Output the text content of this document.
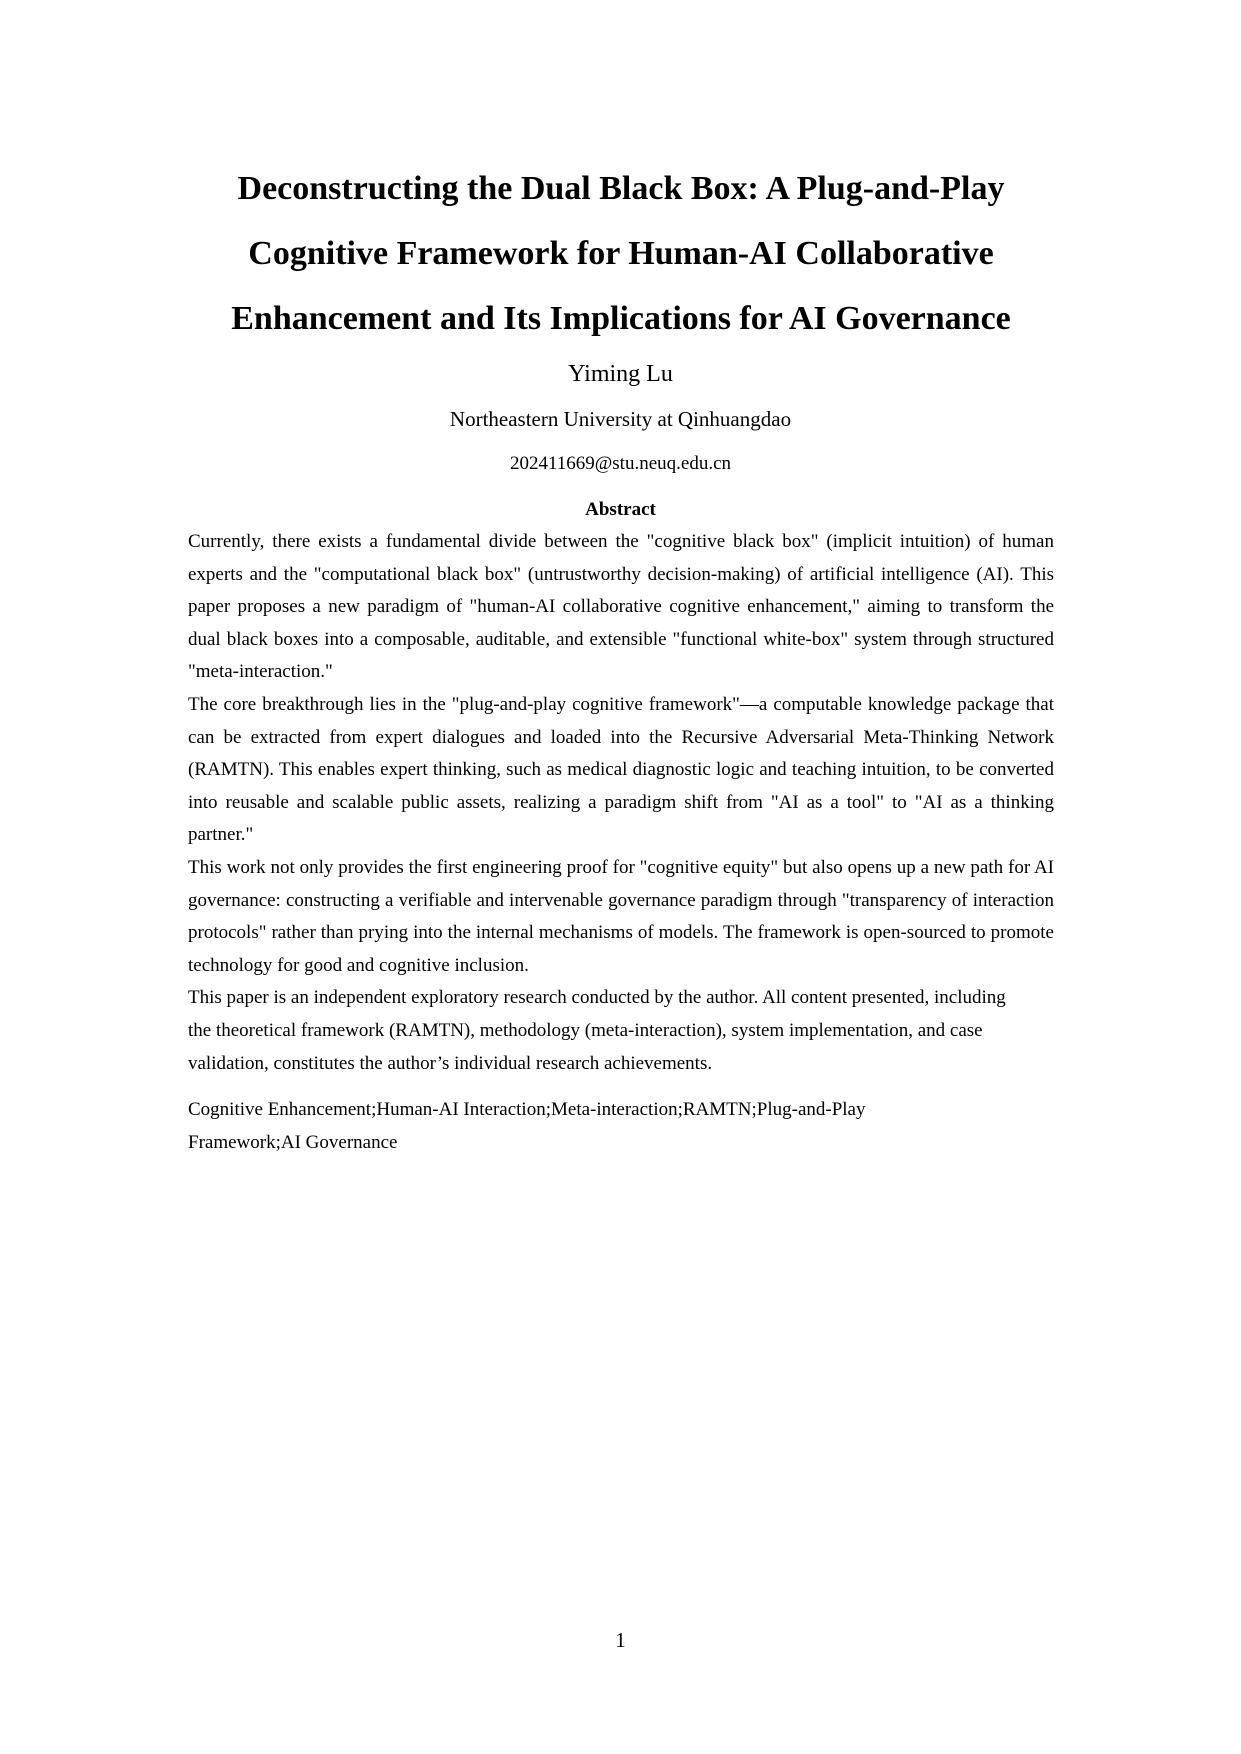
Deconstructing the Dual Black Box: A Plug-and-Play
Cognitive Framework for Human-AI Collaborative
Enhancement and Its Implications for AI Governance
Yiming Lu
Northeastern University at Qinhuangdao
202411669@stu.neuq.edu.cn
Abstract

Currently, there exists a fundamental divide between the "cognitive black box" (implicit intuition) of human experts and the "computational black box" (untrustworthy decision-making) of artificial intelligence (AI). This paper proposes a new paradigm of "human-AI collaborative cognitive enhancement," aiming to transform the dual black boxes into a composable, auditable, and extensible "functional white-box" system through structured "meta-interaction."

The core breakthrough lies in the "plug-and-play cognitive framework"—a computable knowledge package that can be extracted from expert dialogues and loaded into the Recursive Adversarial Meta-Thinking Network (RAMTN). This enables expert thinking, such as medical diagnostic logic and teaching intuition, to be converted into reusable and scalable public assets, realizing a paradigm shift from "AI as a tool" to "AI as a thinking partner."

This work not only provides the first engineering proof for "cognitive equity" but also opens up a new path for AI governance: constructing a verifiable and intervenable governance paradigm through "transparency of interaction protocols" rather than prying into the internal mechanisms of models. The framework is open-sourced to promote technology for good and cognitive inclusion.

This paper is an independent exploratory research conducted by the author. All content presented, including the theoretical framework (RAMTN), methodology (meta-interaction), system implementation, and case validation, constitutes the author’s individual research achievements.

Cognitive Enhancement;Human-AI Interaction;Meta-interaction;RAMTN;Plug-and-Play Framework;AI Governance

1
